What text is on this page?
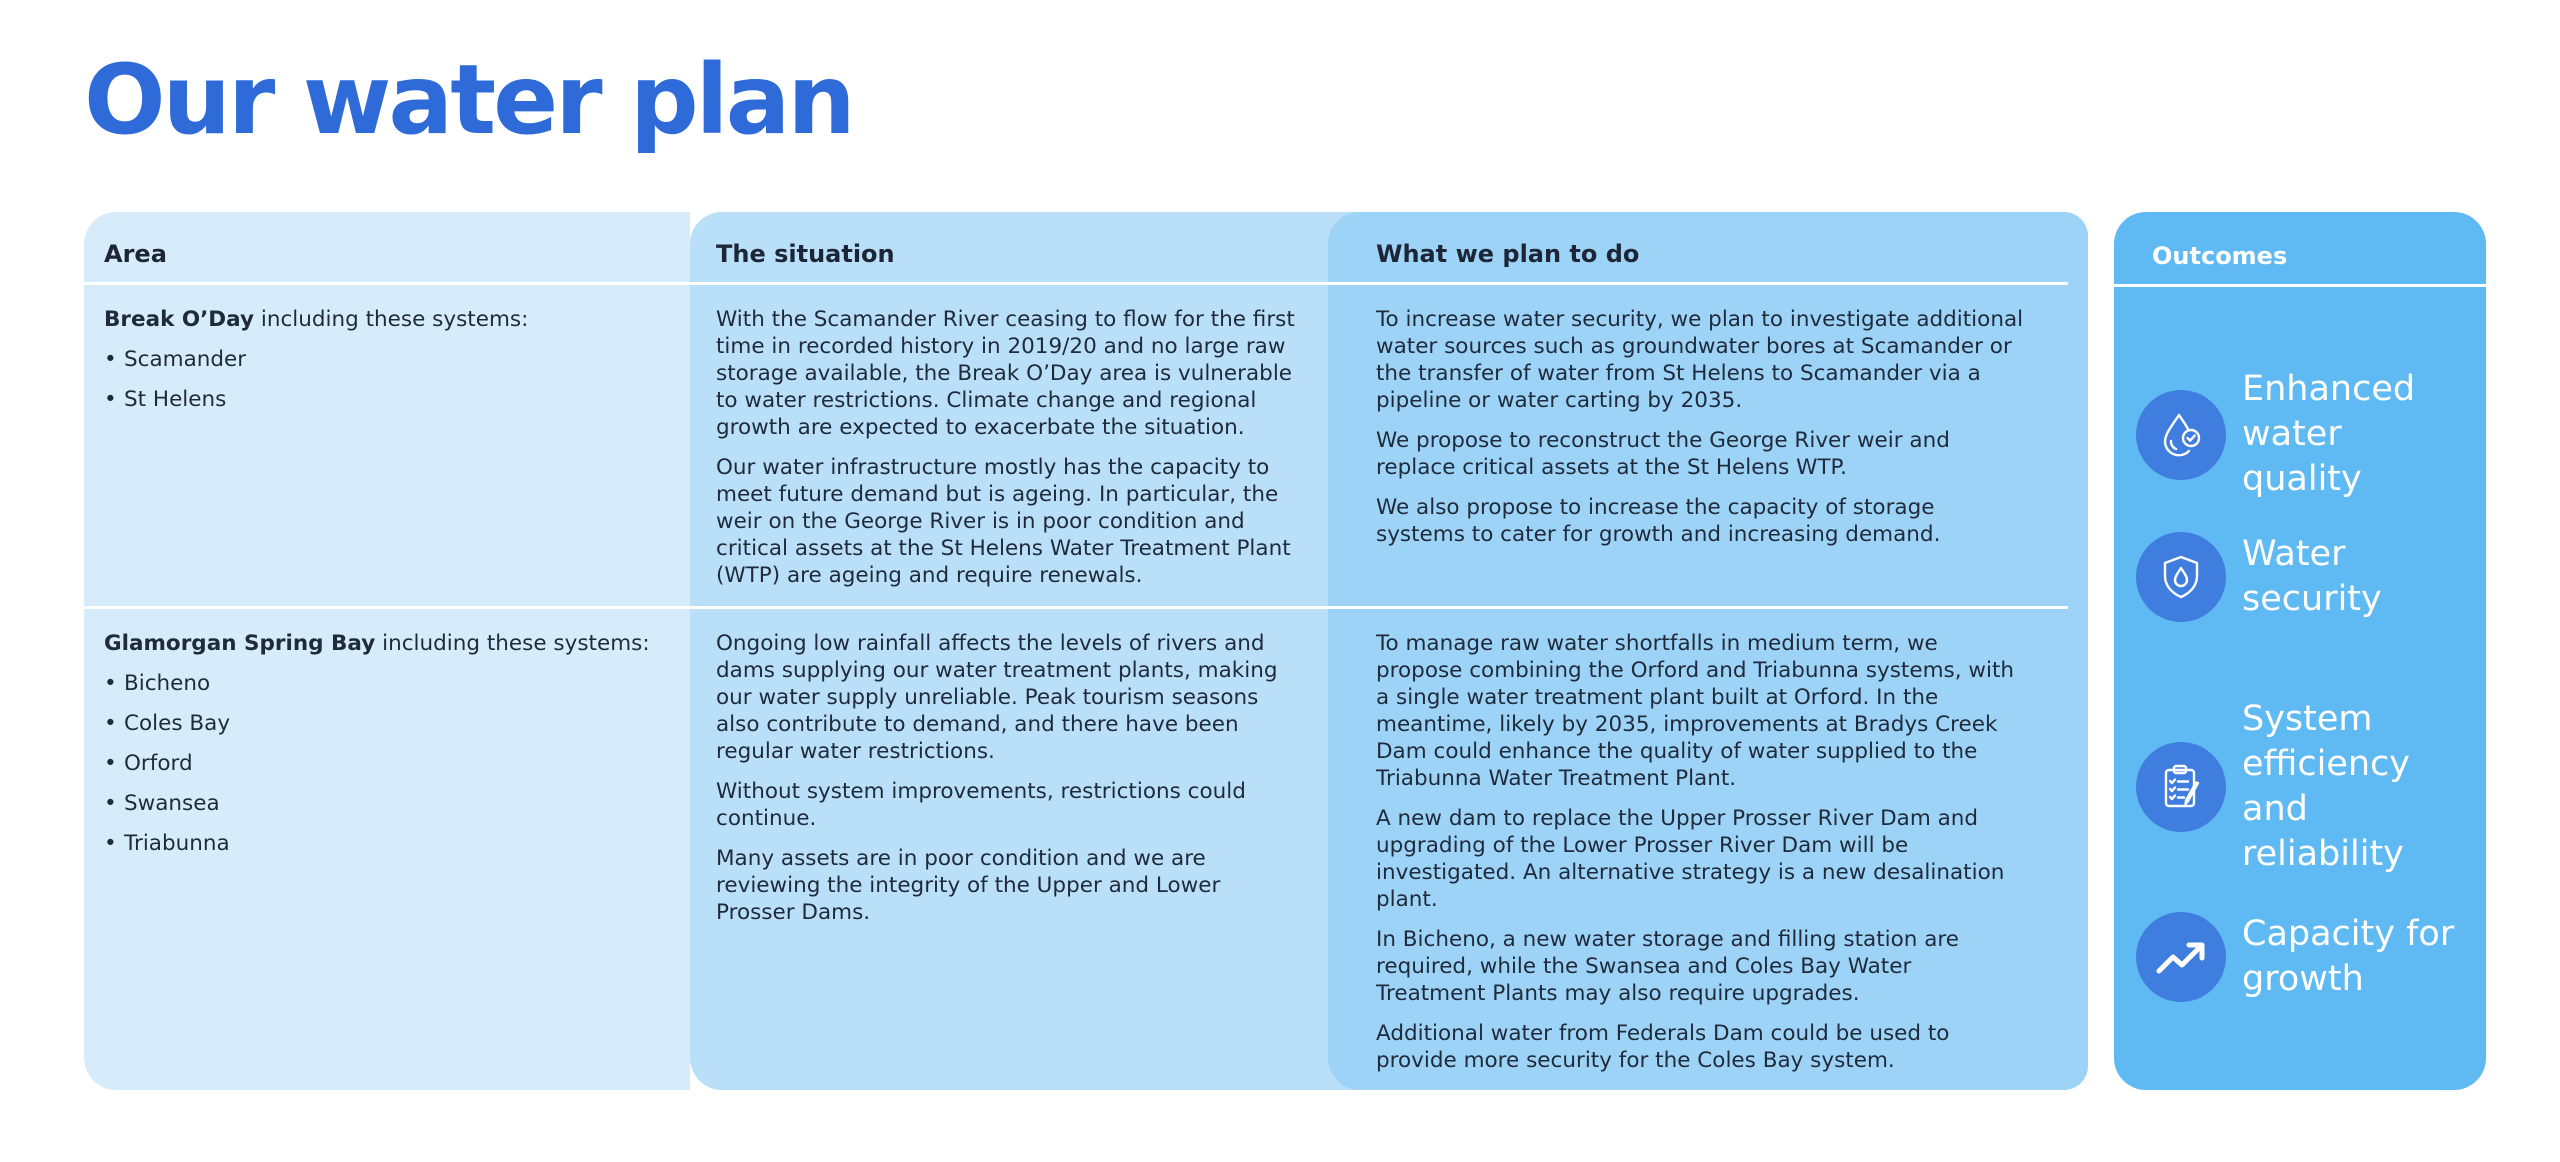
Our water plan
Area	The situation	What we plan to do
Break O’Day including these systems:
• Scamander
• St Helens

With the Scamander River ceasing to flow for the first time in recorded history in 2019/20 and no large raw storage available, the Break O’Day area is vulnerable to water restrictions. Climate change and regional growth are expected to exacerbate the situation.

Our water infrastructure mostly has the capacity to meet future demand but is ageing. In particular, the weir on the George River is in poor condition and critical assets at the St Helens Water Treatment Plant (WTP) are ageing and require renewals.

To increase water security, we plan to investigate additional water sources such as groundwater bores at Scamander or the transfer of water from St Helens to Scamander via a pipeline or water carting by 2035.

We propose to reconstruct the George River weir and replace critical assets at the St Helens WTP.

We also propose to increase the capacity of storage systems to cater for growth and increasing demand.

Glamorgan Spring Bay including these systems:
• Bicheno
• Coles Bay
• Orford
• Swansea
• Triabunna

Ongoing low rainfall affects the levels of rivers and dams supplying our water treatment plants, making our water supply unreliable. Peak tourism seasons also contribute to demand, and there have been regular water restrictions.

Without system improvements, restrictions could continue.

Many assets are in poor condition and we are reviewing the integrity of the Upper and Lower Prosser Dams.

To manage raw water shortfalls in medium term, we propose combining the Orford and Triabunna systems, with a single water treatment plant built at Orford. In the meantime, likely by 2035, improvements at Bradys Creek Dam could enhance the quality of water supplied to the Triabunna Water Treatment Plant.

A new dam to replace the Upper Prosser River Dam and upgrading of the Lower Prosser River Dam will be investigated. An alternative strategy is a new desalination plant.

In Bicheno, a new water storage and filling station are required, while the Swansea and Coles Bay Water Treatment Plants may also require upgrades.

Additional water from Federals Dam could be used to provide more security for the Coles Bay system.

Outcomes
Enhanced water quality
Water security
System efficiency and reliability
Capacity for growth
